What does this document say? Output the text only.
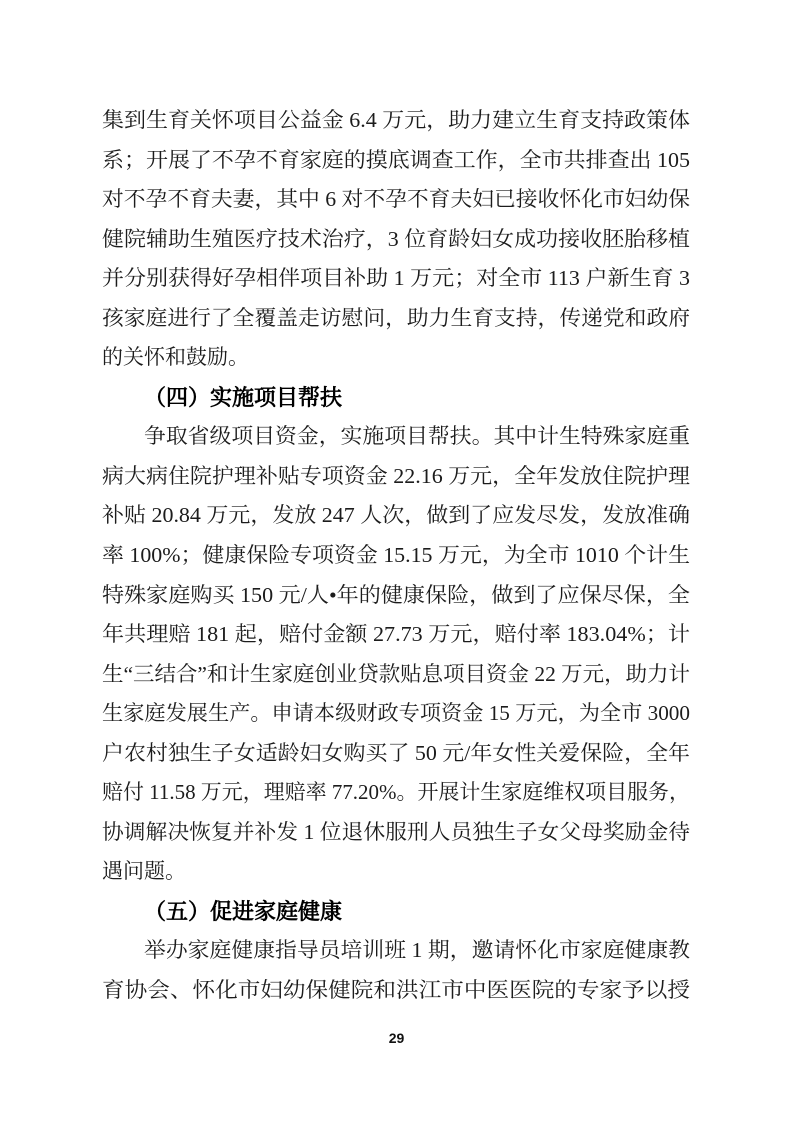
集到生育关怀项目公益金 6.4 万元，助力建立生育支持政策体
系；开展了不孕不育家庭的摸底调查工作，全市共排查出 105
对不孕不育夫妻，其中 6 对不孕不育夫妇已接收怀化市妇幼保
健院辅助生殖医疗技术治疗，3 位育龄妇女成功接收胚胎移植
并分别获得好孕相伴项目补助 1 万元；对全市 113 户新生育 3
孩家庭进行了全覆盖走访慰问，助力生育支持，传递党和政府
的关怀和鼓励。
（四）实施项目帮扶
争取省级项目资金，实施项目帮扶。其中计生特殊家庭重
病大病住院护理补贴专项资金 22.16 万元，全年发放住院护理
补贴 20.84 万元，发放 247 人次，做到了应发尽发，发放准确
率 100%；健康保险专项资金 15.15 万元，为全市 1010 个计生
特殊家庭购买 150 元/人•年的健康保险，做到了应保尽保，全
年共理赔 181 起，赔付金额 27.73 万元，赔付率 183.04%；计
生“三结合”和计生家庭创业贷款贴息项目资金 22 万元，助力计
生家庭发展生产。申请本级财政专项资金 15 万元，为全市 3000
户农村独生子女适龄妇女购买了 50 元/年女性关爱保险，全年
赔付 11.58 万元，理赔率 77.20%。开展计生家庭维权项目服务，
协调解决恢复并补发 1 位退休服刑人员独生子女父母奖励金待
遇问题。
（五）促进家庭健康
举办家庭健康指导员培训班 1 期，邀请怀化市家庭健康教
育协会、怀化市妇幼保健院和洪江市中医医院的专家予以授
29
